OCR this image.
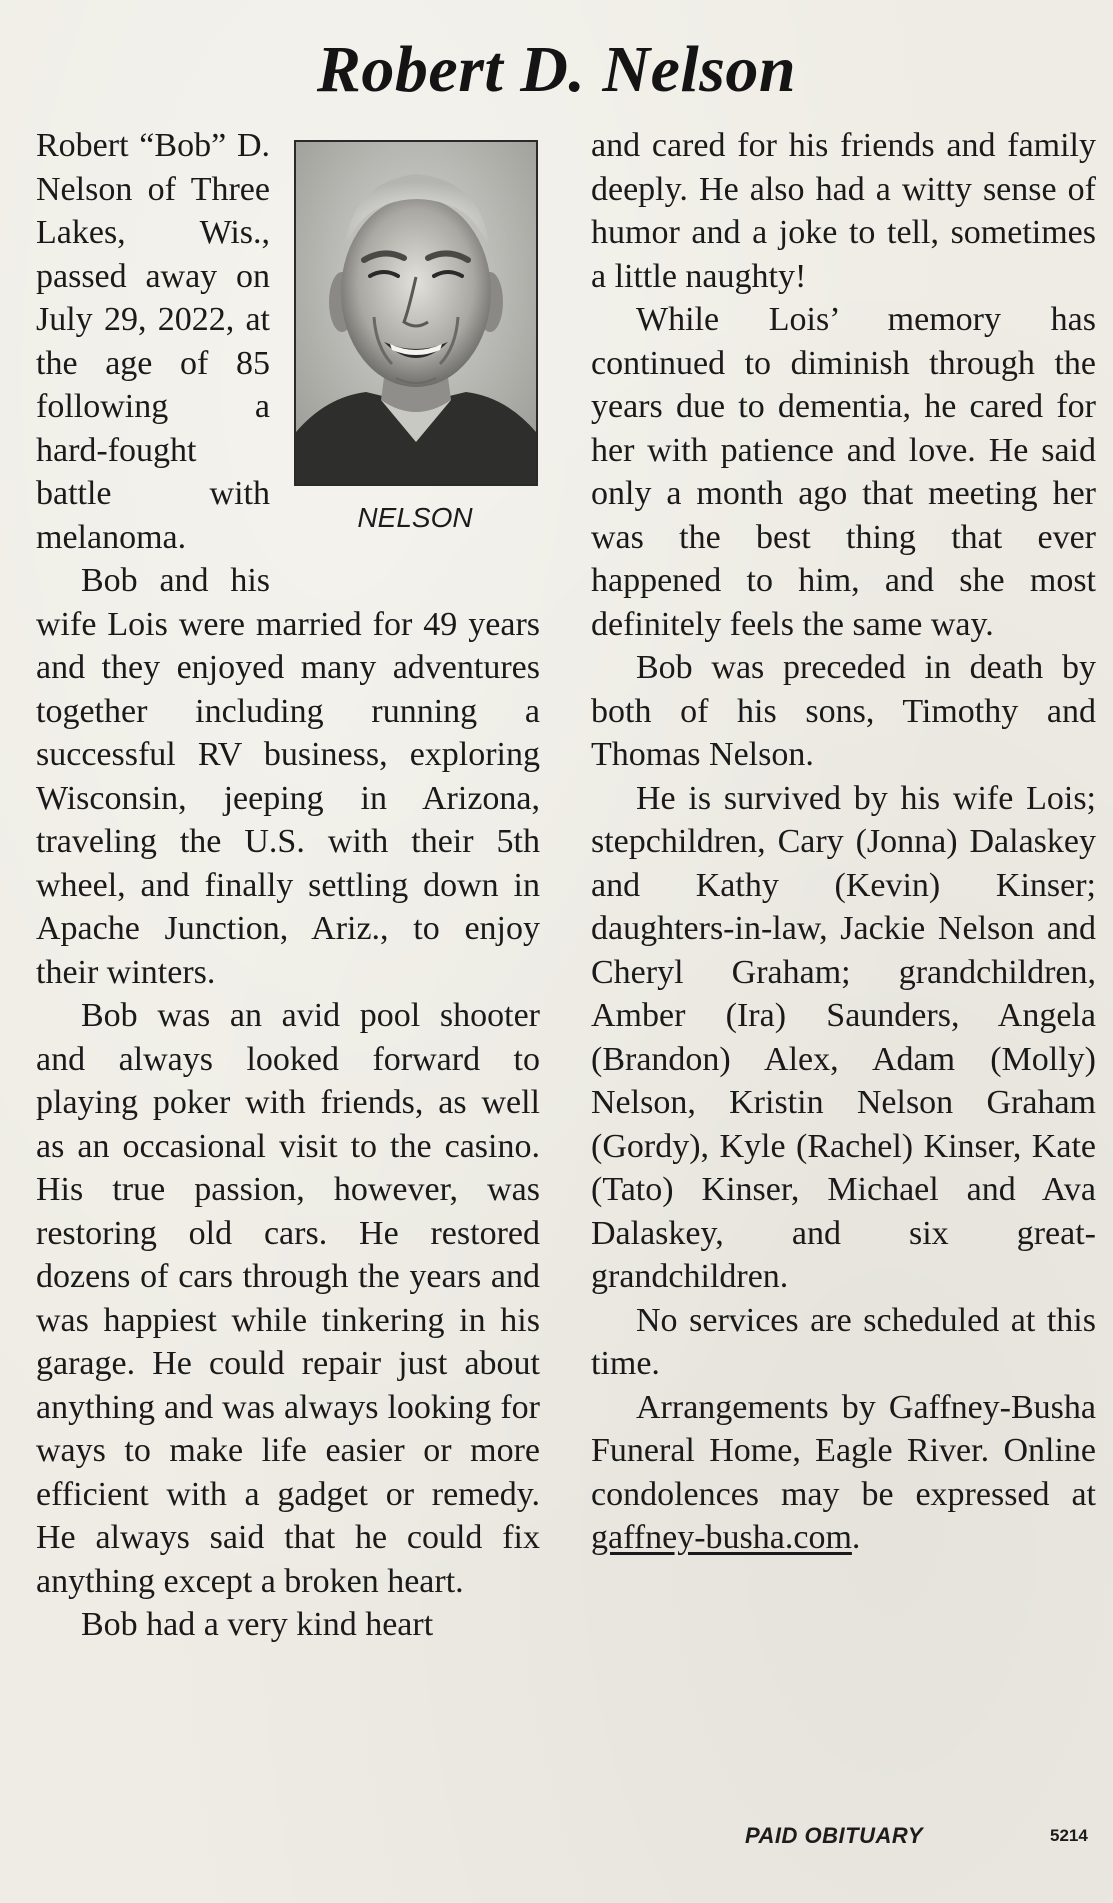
Robert D. Nelson
NELSON

Robert “Bob” D. Nelson of Three Lakes, Wis., passed away on July 29, 2022, at the age of 85 following a hard-fought battle with melanoma.

Bob and his wife Lois were married for 49 years and they enjoyed many adventures together including running a successful RV business, exploring Wisconsin, jeeping in Arizona, traveling the U.S. with their 5th wheel, and finally settling down in Apache Junction, Ariz., to enjoy their winters.

Bob was an avid pool shooter and always looked forward to playing poker with friends, as well as an occasional visit to the casino. His true passion, however, was restoring old cars. He restored dozens of cars through the years and was happiest while tinkering in his garage. He could repair just about anything and was always looking for ways to make life easier or more efficient with a gadget or remedy. He always said that he could fix anything except a broken heart.

Bob had a very kind heart

and cared for his friends and family deeply. He also had a witty sense of humor and a joke to tell, sometimes a little naughty!

While Lois’ memory has continued to diminish through the years due to dementia, he cared for her with patience and love. He said only a month ago that meeting her was the best thing that ever happened to him, and she most definitely feels the same way.

Bob was preceded in death by both of his sons, Timothy and Thomas Nelson.

He is survived by his wife Lois; stepchildren, Cary (Jonna) Dalaskey and Kathy (Kevin) Kinser; daughters-in-law, Jackie Nelson and Cheryl Graham; grandchildren, Amber (Ira) Saunders, Angela (Brandon) Alex, Adam (Molly) Nelson, Kristin Nelson Graham (Gordy), Kyle (Rachel) Kinser, Kate (Tato) Kinser, Michael and Ava Dalaskey, and six great-grandchildren.

No services are scheduled at this time.

Arrangements by Gaffney-Busha Funeral Home, Eagle River. Online condolences may be expressed at gaffney-busha.com.

PAID OBITUARY	5214
